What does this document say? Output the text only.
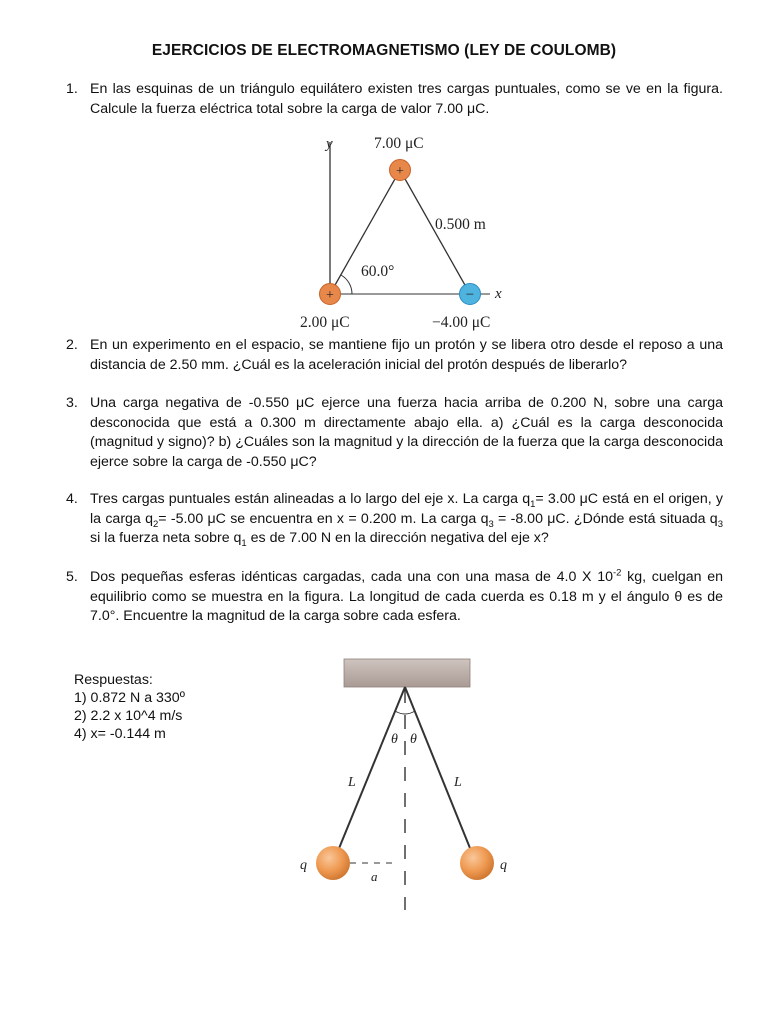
EJERCICIOS DE ELECTROMAGNETISMO (LEY DE COULOMB)
1. En las esquinas de un triángulo equilátero existen tres cargas puntuales, como se ve en la figura. Calcule la fuerza eléctrica total sobre la carga de valor 7.00 μC.
+
+	−
y
x
7.00 μC
0.500 m
60.0°
2.00 μC	−4.00 μC
2. En un experimento en el espacio, se mantiene fijo un protón y se libera otro desde el reposo a una distancia de 2.50 mm. ¿Cuál es la aceleración inicial del protón después de liberarlo?
3. Una carga negativa de -0.550 μC ejerce una fuerza hacia arriba de 0.200 N, sobre una carga desconocida que está a 0.300 m directamente abajo ella. a) ¿Cuál es la carga desconocida (magnitud y signo)? b) ¿Cuáles son la magnitud y la dirección de la fuerza que la carga desconocida ejerce sobre la carga de -0.550 μC?
4. Tres cargas puntuales están alineadas a lo largo del eje x. La carga $q_1= 3.00$ μC está en el origen, y la carga $q_2= -5.00$ μC se encuentra en x = 0.200 m. La carga $q_3 = -8.00$ μC. ¿Dónde está situada $q_3$ si la fuerza neta sobre $q_1$ es de 7.00 N en la dirección negativa del eje x?
5. Dos pequeñas esferas idénticas cargadas, cada una con una masa de 4.0 X $10^{-2}$ kg, cuelgan en equilibrio como se muestra en la figura. La longitud de cada cuerda es 0.18 m y el ángulo θ es de 7.0°. Encuentre la magnitud de la carga sobre cada esfera.
Respuestas:
1) 0.872 N a 330º
2) 2.2 x 10^4 m/s
4) x= -0.144 m	θ θ
L	L
q	q
a
